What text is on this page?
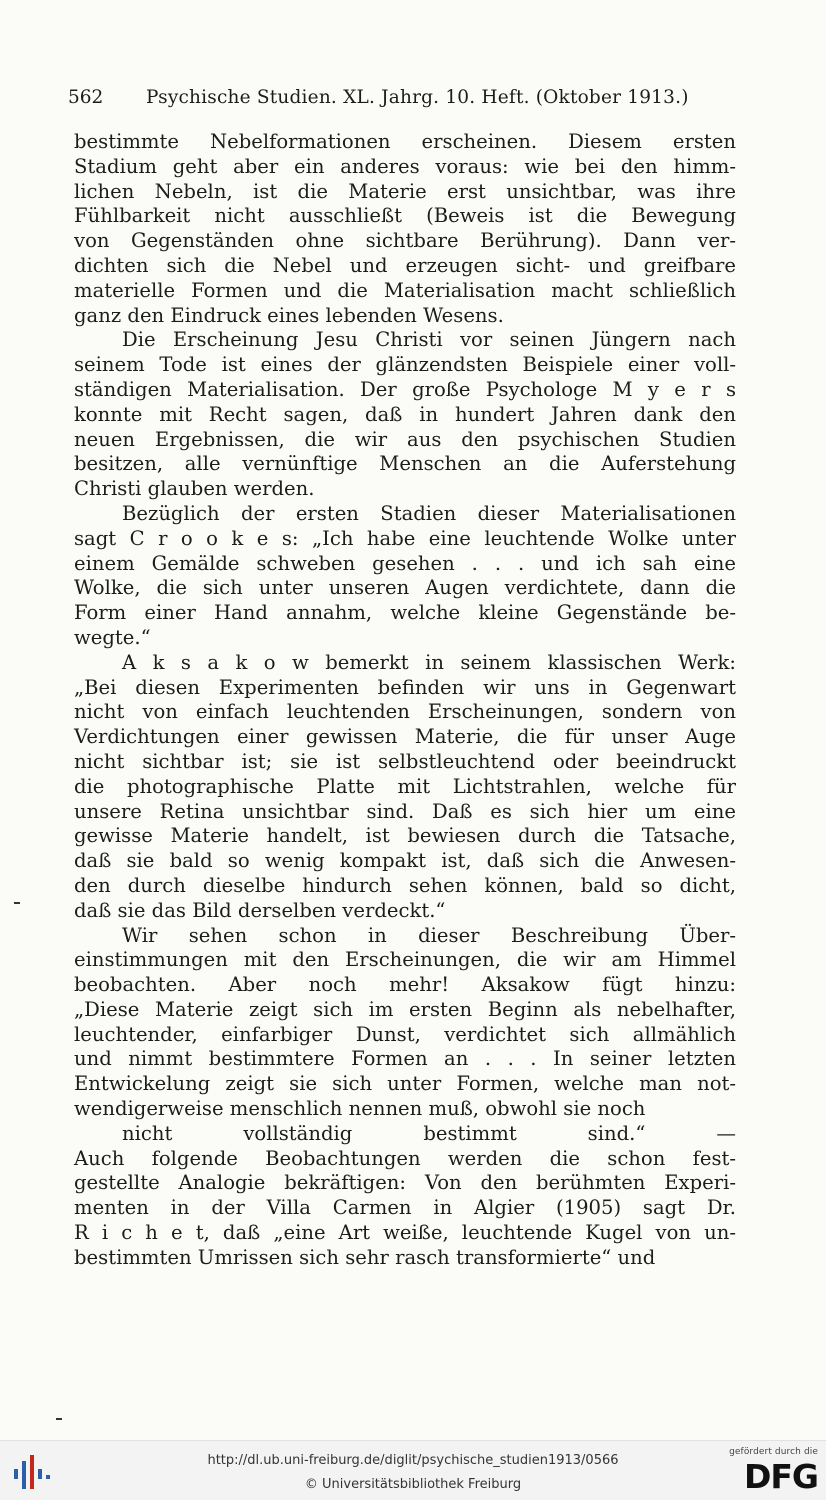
562 Psychische Studien. XL. Jahrg. 10. Heft. (Oktober 1913.)
bestimmte Nebelformationen erscheinen. Diesem ersten
Stadium geht aber ein anderes voraus: wie bei den himm-
lichen Nebeln, ist die Materie erst unsichtbar, was ihre
Fühlbarkeit nicht ausschließt (Beweis ist die Bewegung
von Gegenständen ohne sichtbare Berührung). Dann ver-
dichten sich die Nebel und erzeugen sicht- und greifbare
materielle Formen und die Materialisation macht schließlich
ganz den Eindruck eines lebenden Wesens.
Die Erscheinung Jesu Christi vor seinen Jüngern nach
seinem Tode ist eines der glänzendsten Beispiele einer voll-
ständigen Materialisation. Der große Psychologe M y e r s
konnte mit Recht sagen, daß in hundert Jahren dank den
neuen Ergebnissen, die wir aus den psychischen Studien
besitzen, alle vernünftige Menschen an die Auferstehung
Christi glauben werden.
Bezüglich der ersten Stadien dieser Materialisationen
sagt C r o o k e s: „Ich habe eine leuchtende Wolke unter
einem Gemälde schweben gesehen . . . und ich sah eine
Wolke, die sich unter unseren Augen verdichtete, dann die
Form einer Hand annahm, welche kleine Gegenstände be-
wegte.“
A k s a k o w bemerkt in seinem klassischen Werk:
„Bei diesen Experimenten befinden wir uns in Gegenwart
nicht von einfach leuchtenden Erscheinungen, sondern von
Verdichtungen einer gewissen Materie, die für unser Auge
nicht sichtbar ist; sie ist selbstleuchtend oder beeindruckt
die photographische Platte mit Lichtstrahlen, welche für
unsere Retina unsichtbar sind. Daß es sich hier um eine
gewisse Materie handelt, ist bewiesen durch die Tatsache,
daß sie bald so wenig kompakt ist, daß sich die Anwesen-
den durch dieselbe hindurch sehen können, bald so dicht,
daß sie das Bild derselben verdeckt.“
Wir sehen schon in dieser Beschreibung Über-
einstimmungen mit den Erscheinungen, die wir am Himmel
beobachten. Aber noch mehr! Aksakow fügt hinzu:
„Diese Materie zeigt sich im ersten Beginn als nebelhafter,
leuchtender, einfarbiger Dunst, verdichtet sich allmählich
und nimmt bestimmtere Formen an . . . In seiner letzten
Entwickelung zeigt sie sich unter Formen, welche man not-
wendigerweise menschlich nennen muß, obwohl sie noch
nicht vollständig bestimmt sind.“ —
Auch folgende Beobachtungen werden die schon fest-
gestellte Analogie bekräftigen: Von den berühmten Experi-
menten in der Villa Carmen in Algier (1905) sagt Dr.
R i c h e t, daß „eine Art weiße, leuchtende Kugel von un-
bestimmten Umrissen sich sehr rasch transformierte“ und
http://dl.ub.uni-freiburg.de/diglit/psychische_studien1913/0566
© Universitätsbibliothek Freiburg
gefördert durch die
DFG
